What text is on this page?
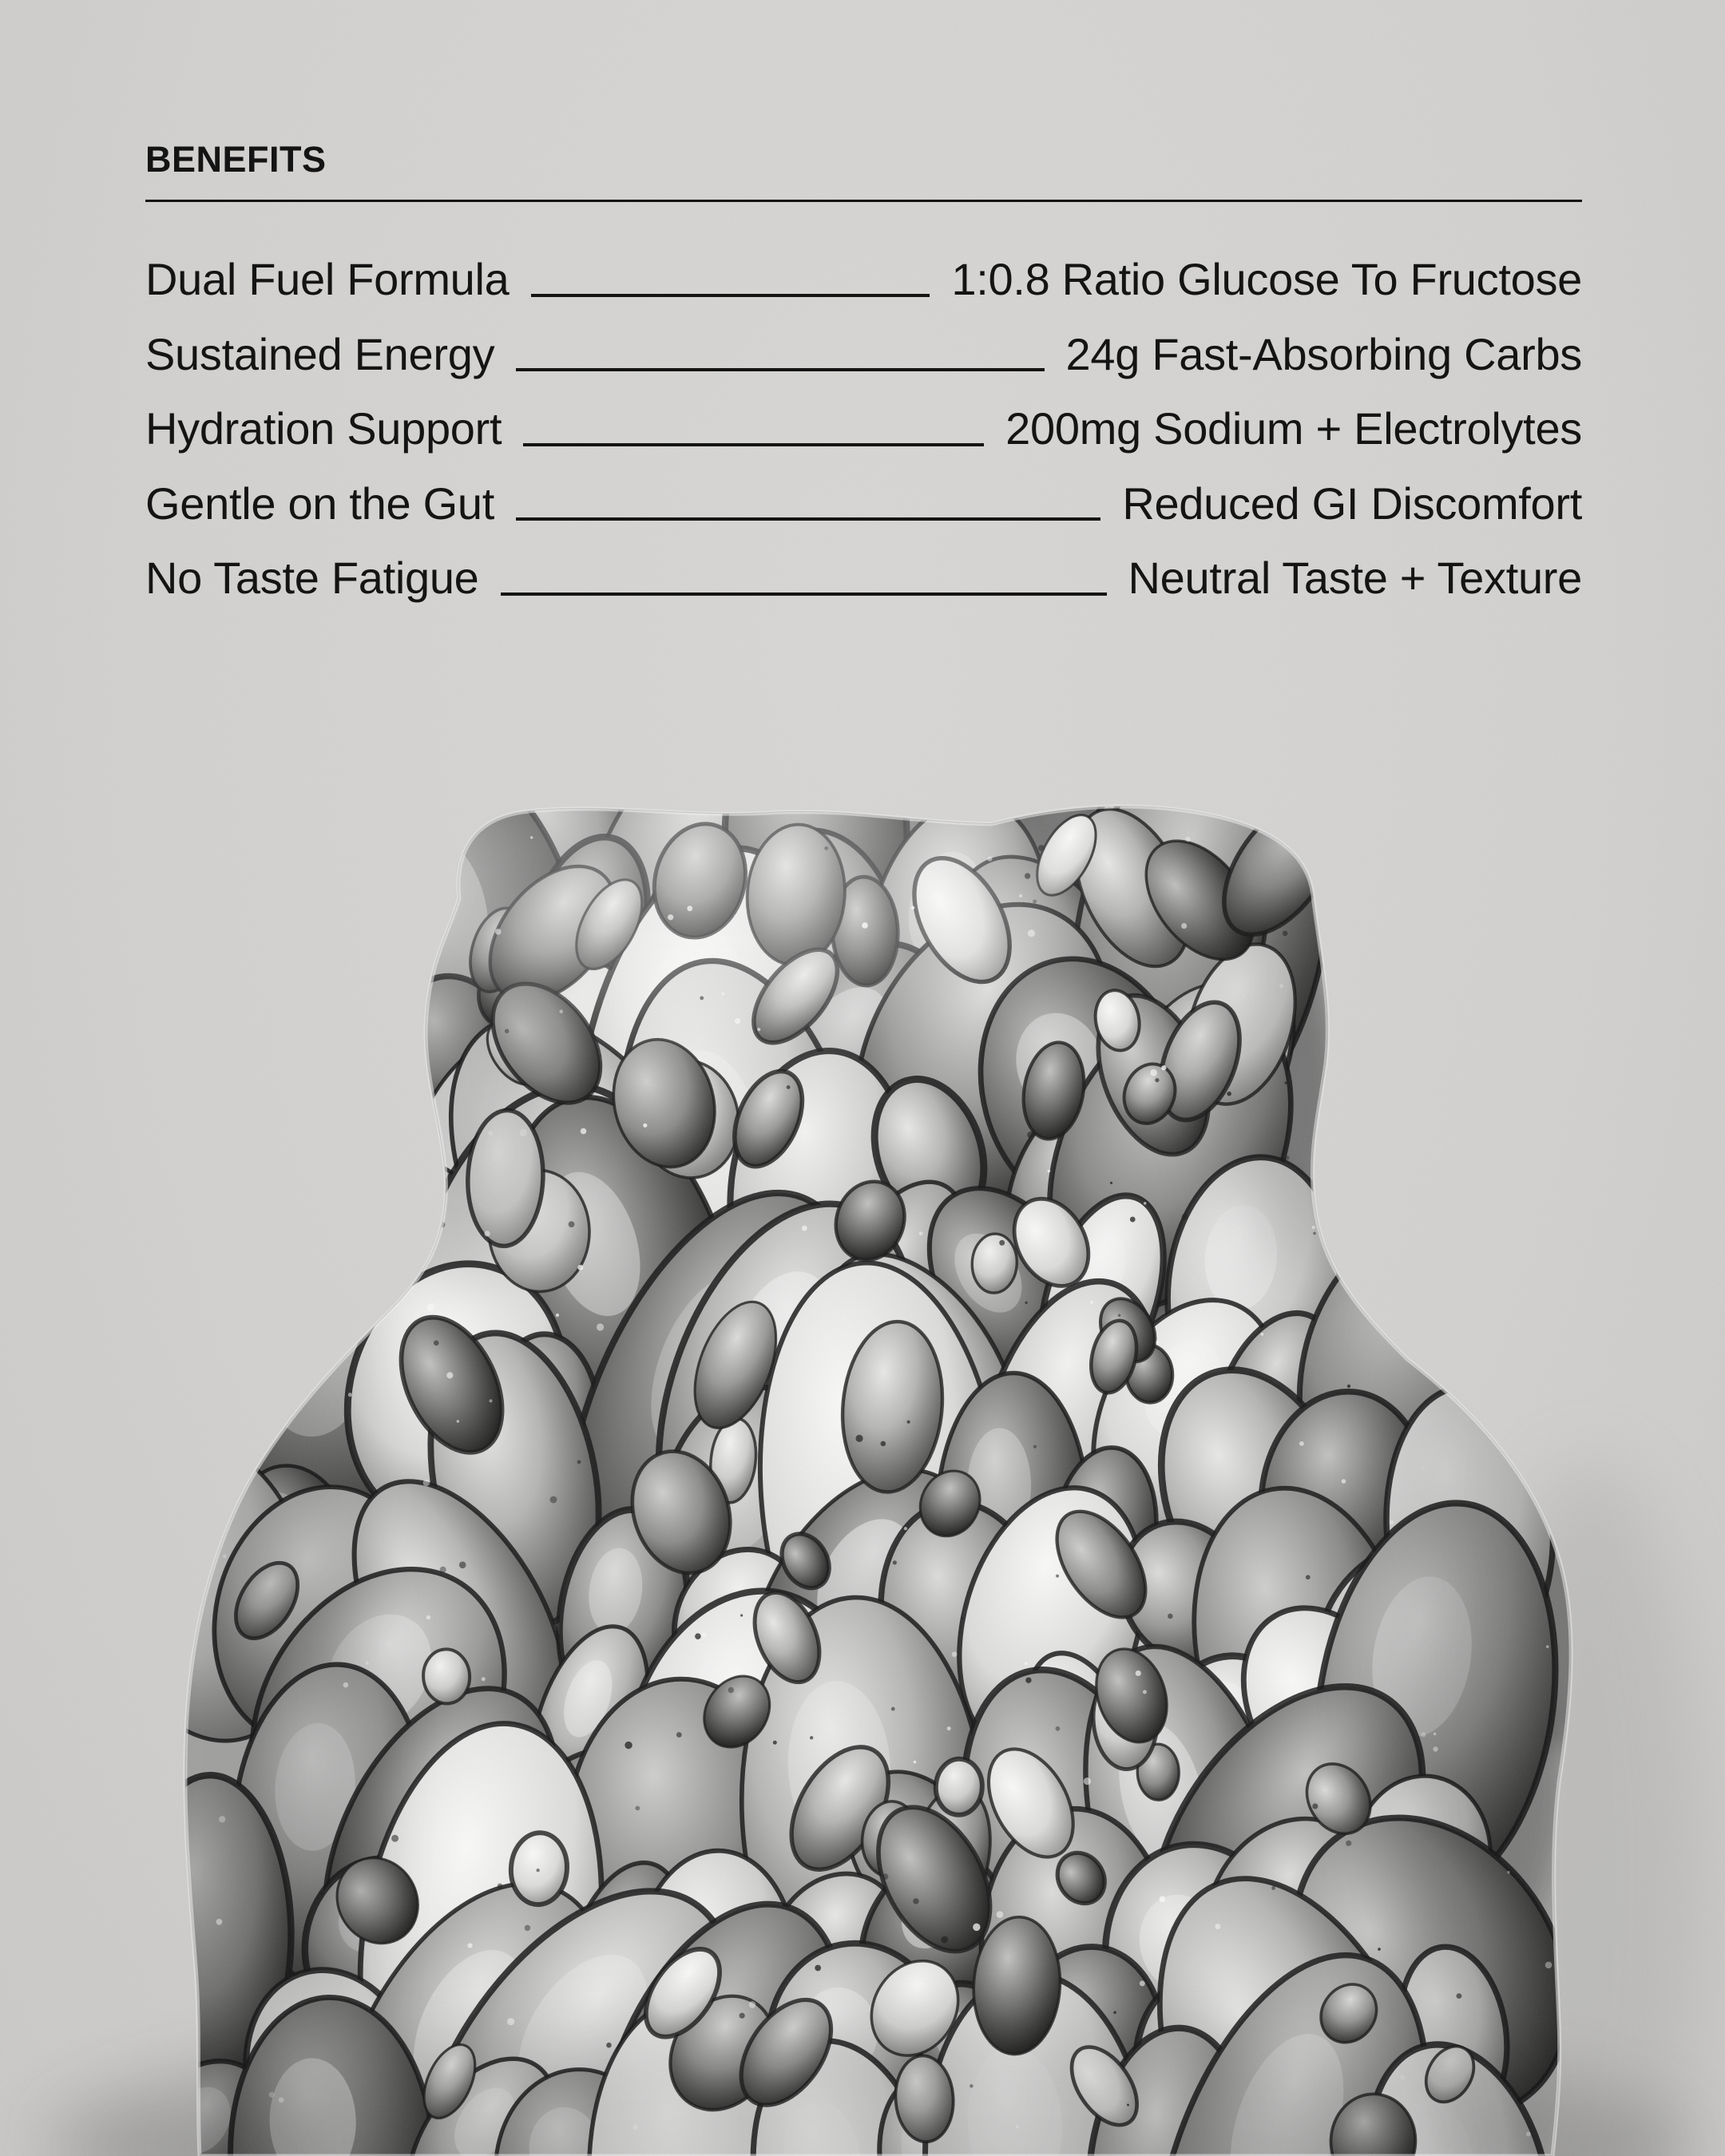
BENEFITS
Dual Fuel Formula	1:0.8 Ratio Glucose To Fructose
Sustained Energy	24g Fast-Absorbing Carbs
Hydration Support	200mg Sodium + Electrolytes
Gentle on the Gut	Reduced GI Discomfort
No Taste Fatigue	Neutral Taste + Texture
